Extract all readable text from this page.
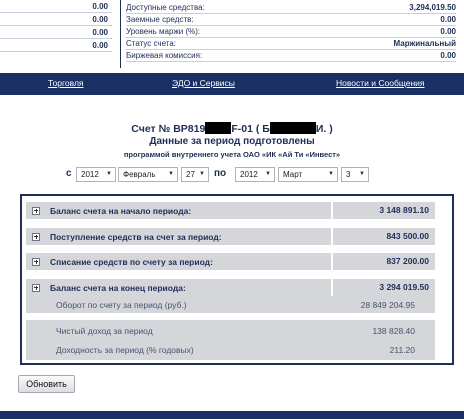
0.00
0.00
0.00
0.00
Доступные средства:	3,294,019.50
Заемные средств:	0.00
Уровень маржи (%):	0.00
Статус счета:	Маржинальный
Биржевая комиссия:	0.00
Торговля	ЭДО и Сервисы	Новости и Сообщения
Счет № BP819 F-01 ( Б	И. )
Данные за период подготовлены
программой внутреннего учета ОАО «ИК «Ай Ти «Инвест»
с	2012 ▼	Февраль ▼	27 ▼ по	2012 ▼	Март	▼	3 ▼
Баланс счета на начало периода:	3 148 891.10
Поступление средств на счет за период:	843 500.00
Списание средств по счету за период:	837 200.00
Баланс счета на конец периода:	3 294 019.50
Оборот по счету за период (руб.)	28 849 204.95
Чистый доход за период	138 828.40
Доходность за период (% годовых)	211.20
Обновить
